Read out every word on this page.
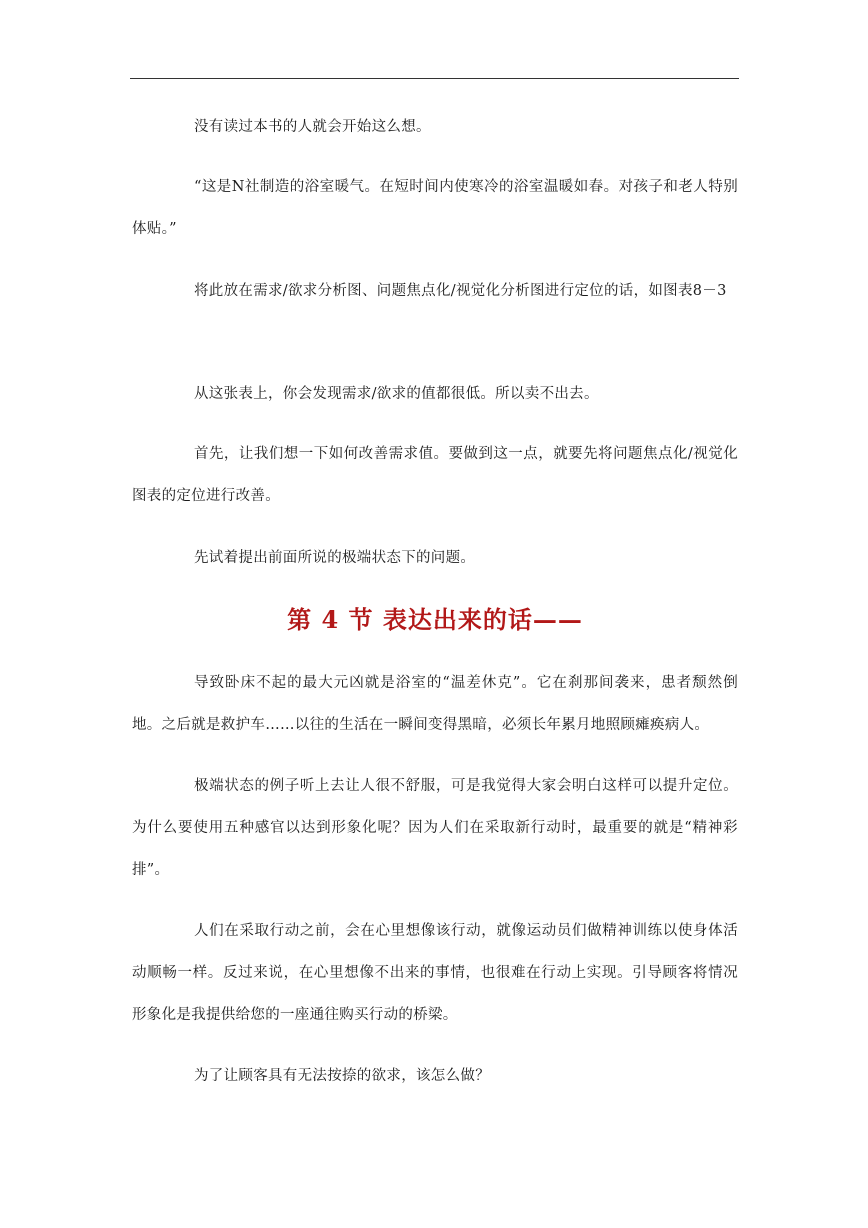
没有读过本书的人就会开始这么想。

“这是N社制造的浴室暖气。在短时间内使寒冷的浴室温暖如春。对孩子和老人特别体贴。”

将此放在需求/欲求分析图、问题焦点化/视觉化分析图进行定位的话，如图表8－3

从这张表上，你会发现需求/欲求的值都很低。所以卖不出去。

首先，让我们想一下如何改善需求值。要做到这一点，就要先将问题焦点化/视觉化图表的定位进行改善。

先试着提出前面所说的极端状态下的问题。

第 4 节 表达出来的话——

导致卧床不起的最大元凶就是浴室的“温差休克”。它在刹那间袭来，患者颓然倒地。之后就是救护车……以往的生活在一瞬间变得黑暗，必须长年累月地照顾瘫痪病人。

极端状态的例子听上去让人很不舒服，可是我觉得大家会明白这样可以提升定位。为什么要使用五种感官以达到形象化呢？因为人们在采取新行动时，最重要的就是“精神彩排”。

人们在采取行动之前，会在心里想像该行动，就像运动员们做精神训练以使身体活动顺畅一样。反过来说，在心里想像不出来的事情，也很难在行动上实现。引导顾客将情况形象化是我提供给您的一座通往购买行动的桥梁。

为了让顾客具有无法按捺的欲求，该怎么做？
